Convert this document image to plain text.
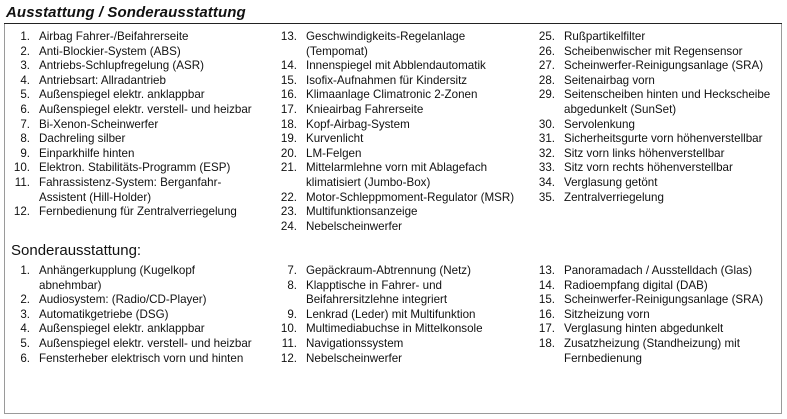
Ausstattung / Sonderausstattung
1. Airbag Fahrer-/Beifahrerseite
2. Anti-Blockier-System (ABS)
3. Antriebs-Schlupfregelung (ASR)
4. Antriebsart: Allradantrieb
5. Außenspiegel elektr. anklappbar
6. Außenspiegel elektr. verstell- und heizbar
7. Bi-Xenon-Scheinwerfer
8. Dachreling silber
9. Einparkhilfe hinten
10. Elektron. Stabilitäts-Programm (ESP)
11. Fahrassistenz-System: Berganfahr-
Assistent (Hill-Holder)
12. Fernbedienung für Zentralverriegelung
13. Geschwindigkeits-Regelanlage
(Tempomat)
14. Innenspiegel mit Abblendautomatik
15. Isofix-Aufnahmen für Kindersitz
16. Klimaanlage Climatronic 2-Zonen
17. Knieairbag Fahrerseite
18. Kopf-Airbag-System
19. Kurvenlicht
20. LM-Felgen
21. Mittelarmlehne vorn mit Ablagefach
klimatisiert (Jumbo-Box)
22. Motor-Schleppmoment-Regulator (MSR)
23. Multifunktionsanzeige
24. Nebelscheinwerfer
25. Rußpartikelfilter
26. Scheibenwischer mit Regensensor
27. Scheinwerfer-Reinigungsanlage (SRA)
28. Seitenairbag vorn
29. Seitenscheiben hinten und Heckscheibe
abgedunkelt (SunSet)
30. Servolenkung
31. Sicherheitsgurte vorn höhenverstellbar
32. Sitz vorn links höhenverstellbar
33. Sitz vorn rechts höhenverstellbar
34. Verglasung getönt
35. Zentralverriegelung
Sonderausstattung:
1. Anhängerkupplung (Kugelkopf
abnehmbar)
2. Audiosystem: (Radio/CD-Player)
3. Automatikgetriebe (DSG)
4. Außenspiegel elektr. anklappbar
5. Außenspiegel elektr. verstell- und heizbar
6. Fensterheber elektrisch vorn und hinten
7. Gepäckraum-Abtrennung (Netz)
8. Klapptische in Fahrer- und
Beifahrersitzlehne integriert
9. Lenkrad (Leder) mit Multifunktion
10. Multimediabuchse in Mittelkonsole
11. Navigationssystem
12. Nebelscheinwerfer
13. Panoramadach / Ausstelldach (Glas)
14. Radioempfang digital (DAB)
15. Scheinwerfer-Reinigungsanlage (SRA)
16. Sitzheizung vorn
17. Verglasung hinten abgedunkelt
18. Zusatzheizung (Standheizung) mit
Fernbedienung
